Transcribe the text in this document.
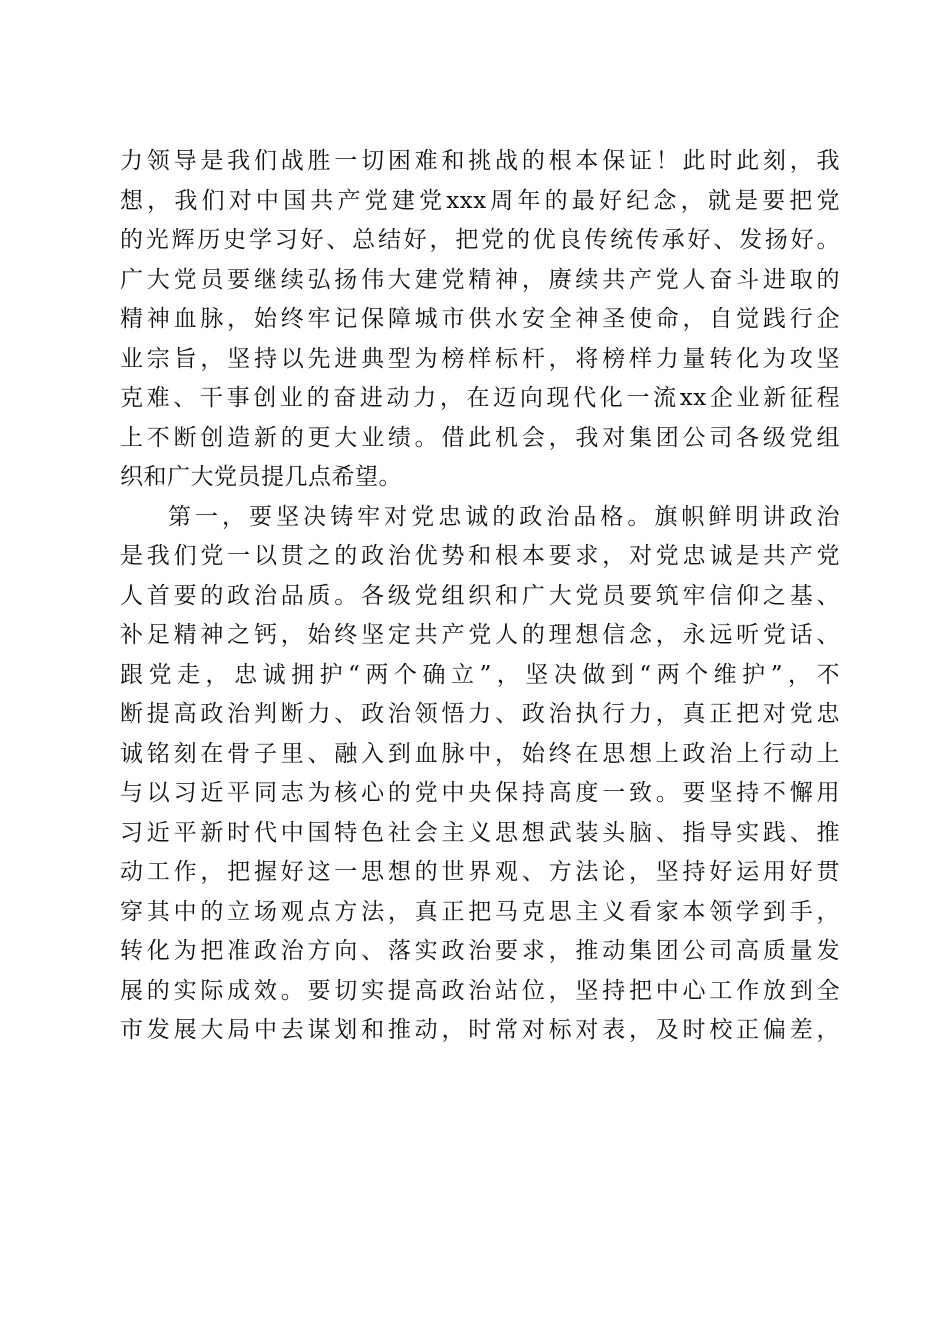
力领导是我们战胜一切困难和挑战的根本保证！此时此刻，我
想，我们对中国共产党建党xxx周年的最好纪念，就是要把党
的光辉历史学习好、总结好，把党的优良传统传承好、发扬好。
广大党员要继续弘扬伟大建党精神，赓续共产党人奋斗进取的
精神血脉，始终牢记保障城市供水安全神圣使命，自觉践行企
业宗旨，坚持以先进典型为榜样标杆，将榜样力量转化为攻坚
克难、干事创业的奋进动力，在迈向现代化一流xx企业新征程
上不断创造新的更大业绩。借此机会，我对集团公司各级党组
织和广大党员提几点希望。
第一，要坚决铸牢对党忠诚的政治品格。旗帜鲜明讲政治
是我们党一以贯之的政治优势和根本要求，对党忠诚是共产党
人首要的政治品质。各级党组织和广大党员要筑牢信仰之基、
补足精神之钙，始终坚定共产党人的理想信念，永远听党话、
跟党走，忠诚拥护“两个确立”，坚决做到“两个维护”，不
断提高政治判断力、政治领悟力、政治执行力，真正把对党忠
诚铭刻在骨子里、融入到血脉中，始终在思想上政治上行动上
与以习近平同志为核心的党中央保持高度一致。要坚持不懈用
习近平新时代中国特色社会主义思想武装头脑、指导实践、推
动工作，把握好这一思想的世界观、方法论，坚持好运用好贯
穿其中的立场观点方法，真正把马克思主义看家本领学到手，
转化为把准政治方向、落实政治要求，推动集团公司高质量发
展的实际成效。要切实提高政治站位，坚持把中心工作放到全
市发展大局中去谋划和推动，时常对标对表，及时校正偏差，
